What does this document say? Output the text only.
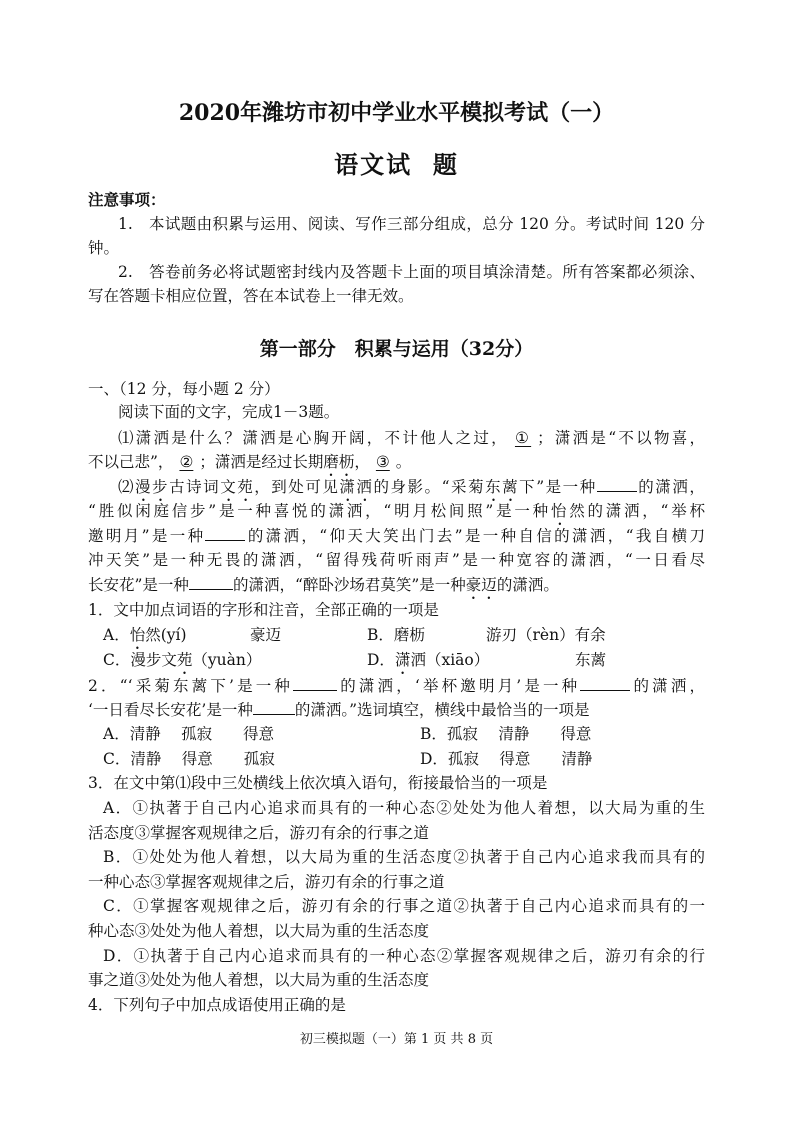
2020年潍坊市初中学业水平模拟考试（一）
语文试  题
注意事项：
1.　本试题由积累与运用、阅读、写作三部分组成，总分 120 分。考试时间 120 分
钟。
2.　答卷前务必将试题密封线内及答题卡上面的项目填涂清楚。所有答案都必须涂、
写在答题卡相应位置，答在本试卷上一律无效。
第一部分　积累与运用（32分）
一、（12 分，每小题 2 分）
阅读下面的文字，完成1－3题。
⑴潇洒是什么？潇洒是心胸开阔，不计他人之过， ① ；潇洒是“不以物喜，
不以己悲”， ② ；潇洒是经过长期磨枥， ③ 。
⑵漫步古诗词文苑，到处可见潇洒的身影。“采菊东蓠下”是一种	的潇洒，
“胜似闲庭信步”是一种喜悦的潇洒，“明月松间照”是一种怡然的潇洒，“举杯
邀明月”是一种	的潇洒，“仰天大笑出门去”是一种自信的潇洒，“我自横刀
冲天笑”是一种无畏的潇洒，“留得残荷听雨声”是一种宽容的潇洒，“一日看尽
长安花”是一种	的潇洒，“醉卧沙场君莫笑”是一种豪迈的潇洒。
1．文中加点词语的字形和注音，全部正确的一项是
A．怡然(yí)	豪迈	B．磨枥	游刃（rèn）有余
C．漫步文苑（yuàn）	D．潇洒（xiāo）	东蓠
2．“‘采菊东蓠下’是一种	的潇洒，‘举杯邀明月’是一种	的潇洒，
‘一日看尽长安花’是一种	的潇洒。”选词填空，横线中最恰当的一项是
A．清静　 孤寂　　得意	B．孤寂　 清静　　得意
C．清静　 得意　　孤寂	D．孤寂　 得意　　清静
3．在文中第⑴段中三处横线上依次填入语句，衔接最恰当的一项是
A．①执著于自己内心追求而具有的一种心态②处处为他人着想，以大局为重的生
活态度③掌握客观规律之后，游刃有余的行事之道
B．①处处为他人着想，以大局为重的生活态度②执著于自己内心追求我而具有的
一种心态③掌握客观规律之后，游刃有余的行事之道
C．①掌握客观规律之后，游刃有余的行事之道②执著于自己内心追求而具有的一
种心态③处处为他人着想，以大局为重的生活态度
D．①执著于自己内心追求而具有的一种心态②掌握客观规律之后，游刃有余的行
事之道③处处为他人着想，以大局为重的生活态度
4．下列句子中加点成语使用正确的是
初三模拟题（一）第 1 页 共 8 页
